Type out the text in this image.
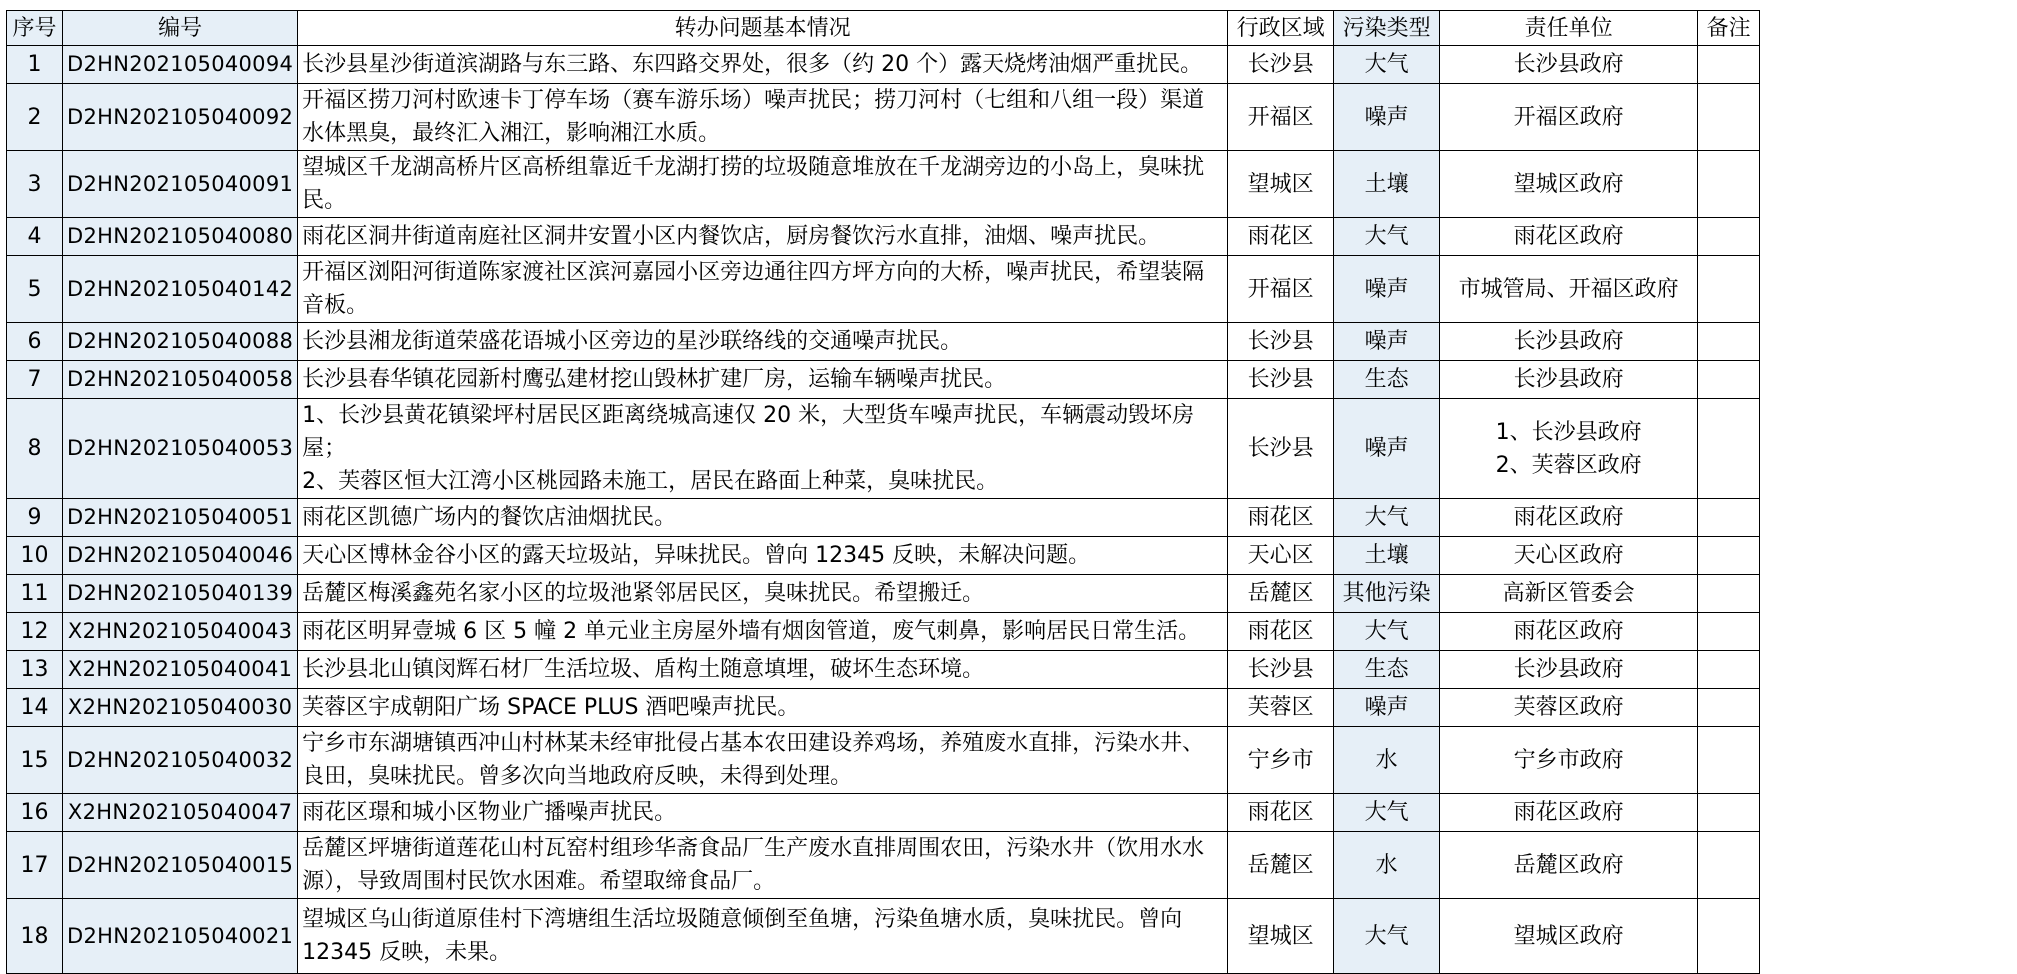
序号	编号	转办问题基本情况	行政区域	污染类型	责任单位	备注
1	D2HN202105040094	长沙县星沙街道滨湖路与东三路、东四路交界处，很多（约 20 个）露天烧烤油烟严重扰民。	长沙县	大气	长沙县政府	
2	D2HN202105040092	开福区捞刀河村欧速卡丁停车场（赛车游乐场）噪声扰民；捞刀河村（七组和八组一段）渠道水体黑臭，最终汇入湘江，影响湘江水质。	开福区	噪声	开福区政府	
3	D2HN202105040091	望城区千龙湖高桥片区高桥组靠近千龙湖打捞的垃圾随意堆放在千龙湖旁边的小岛上，臭味扰民。	望城区	土壤	望城区政府	
4	D2HN202105040080	雨花区洞井街道南庭社区洞井安置小区内餐饮店，厨房餐饮污水直排，油烟、噪声扰民。	雨花区	大气	雨花区政府	
5	D2HN202105040142	开福区浏阳河街道陈家渡社区滨河嘉园小区旁边通往四方坪方向的大桥，噪声扰民，希望装隔音板。	开福区	噪声	市城管局、开福区政府	
6	D2HN202105040088	长沙县湘龙街道荣盛花语城小区旁边的星沙联络线的交通噪声扰民。	长沙县	噪声	长沙县政府	
7	D2HN202105040058	长沙县春华镇花园新村鹰弘建材挖山毁林扩建厂房，运输车辆噪声扰民。	长沙县	生态	长沙县政府	
8	D2HN202105040053	1、长沙县黄花镇梁坪村居民区距离绕城高速仅 20 米，大型货车噪声扰民，车辆震动毁坏房屋；
2、芙蓉区恒大江湾小区桃园路未施工，居民在路面上种菜，臭味扰民。	长沙县	噪声	1、长沙县政府
2、芙蓉区政府	
9	D2HN202105040051	雨花区凯德广场内的餐饮店油烟扰民。	雨花区	大气	雨花区政府	
10	D2HN202105040046	天心区博林金谷小区的露天垃圾站，异味扰民。曾向 12345 反映，未解决问题。	天心区	土壤	天心区政府	
11	D2HN202105040139	岳麓区梅溪鑫苑名家小区的垃圾池紧邻居民区，臭味扰民。希望搬迁。	岳麓区	其他污染	高新区管委会	
12	X2HN202105040043	雨花区明昇壹城 6 区 5 幢 2 单元业主房屋外墙有烟囱管道，废气刺鼻，影响居民日常生活。	雨花区	大气	雨花区政府	
13	X2HN202105040041	长沙县北山镇闵辉石材厂生活垃圾、盾构土随意填埋，破坏生态环境。	长沙县	生态	长沙县政府	
14	X2HN202105040030	芙蓉区宇成朝阳广场 SPACE PLUS 酒吧噪声扰民。	芙蓉区	噪声	芙蓉区政府	
15	D2HN202105040032	宁乡市东湖塘镇西冲山村林某未经审批侵占基本农田建设养鸡场，养殖废水直排，污染水井、良田，臭味扰民。曾多次向当地政府反映，未得到处理。	宁乡市	水	宁乡市政府	
16	X2HN202105040047	雨花区璟和城小区物业广播噪声扰民。	雨花区	大气	雨花区政府	
17	D2HN202105040015	岳麓区坪塘街道莲花山村瓦窑村组珍华斋食品厂生产废水直排周围农田，污染水井（饮用水水源），导致周围村民饮水困难。希望取缔食品厂。	岳麓区	水	岳麓区政府	
18	D2HN202105040021	望城区乌山街道原佳村下湾塘组生活垃圾随意倾倒至鱼塘，污染鱼塘水质，臭味扰民。曾向 12345 反映，未果。	望城区	大气	望城区政府	
